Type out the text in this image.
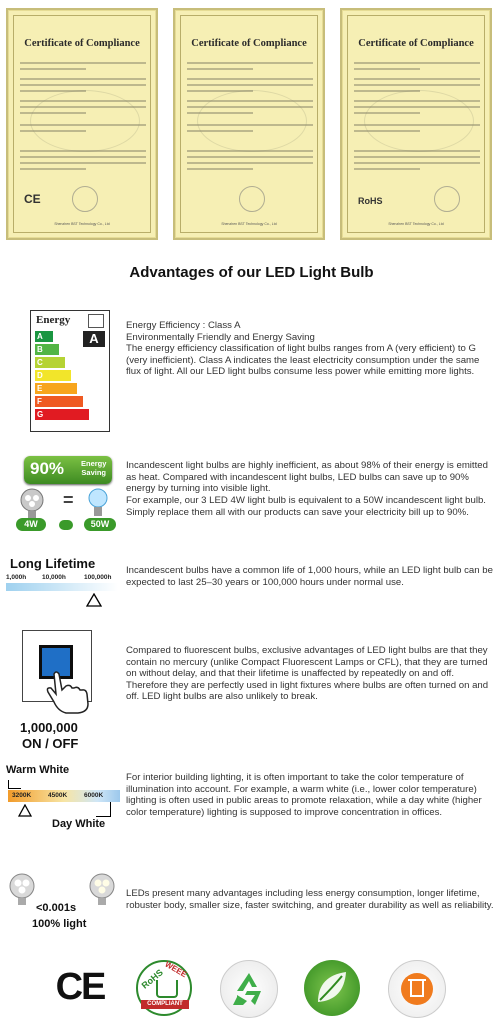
Certificate of Compliance
CE
Shenzhen BST Technology Co., Ltd
Certificate of Compliance
Shenzhen BST Technology Co., Ltd
Certificate of Compliance
RoHS
Shenzhen BST Technology Co., Ltd
Advantages of our LED Light Bulb
Energy
A
B
C
D
E
F
G
A
Energy Efficiency : Class A
Environmentally Friendly and Energy Saving
The energy efficiency classification of light bulbs ranges from A (very efficient) to G (very inefficient). Class A indicates the least electricity consumption under the same flux of light. All our LED light bulbs consume less power while emitting more lights.
90% Energy
Saving
Incandescent light bulbs are highly inefficient, as about 98% of their energy is emitted as heat. Compared with incandescent light bulbs, LED bulbs can save up to 90% energy by turning into visible light.
=
4W	50W
For example, our 3 LED 4W light bulb is equivalent to a 50W incandescent light bulb. Simply replace them all with our products can save your electricity bill up to 90%.
Long Lifetime
1,000h 10,000h	100,000h
Incandescent bulbs have a common life of 1,000 hours, while an LED light bulb can be expected to last 25–30 years or 100,000 hours under normal use.
1,000,000
ON / OFF
Compared to fluorescent bulbs, exclusive advantages of LED light bulbs are that they contain no mercury (unlike Compact Fluorescent Lamps or CFL), that they are turned on without delay, and that their lifetime is unaffected by repeatedly on and off. Therefore they are perfectly used in light fixtures where bulbs are often turned on and off. LED light bulbs are also unlikely to break.
Warm White
3200K	4500K	6000K
Day White
For interior building lighting, it is often important to take the color temperature of illumination into account. For example, a warm white (i.e., lower color temperature) lighting is often used in public areas to promote relaxation, while a day white (higher color temperature) lighting is supposed to improve concentration in offices.
<0.001s
100% light
LEDs present many advantages including less energy consumption, longer lifetime, robuster body, smaller size, faster switching, and greater durability as well as reliability.
CE	RoHS
WEEE
COMPLIANT
